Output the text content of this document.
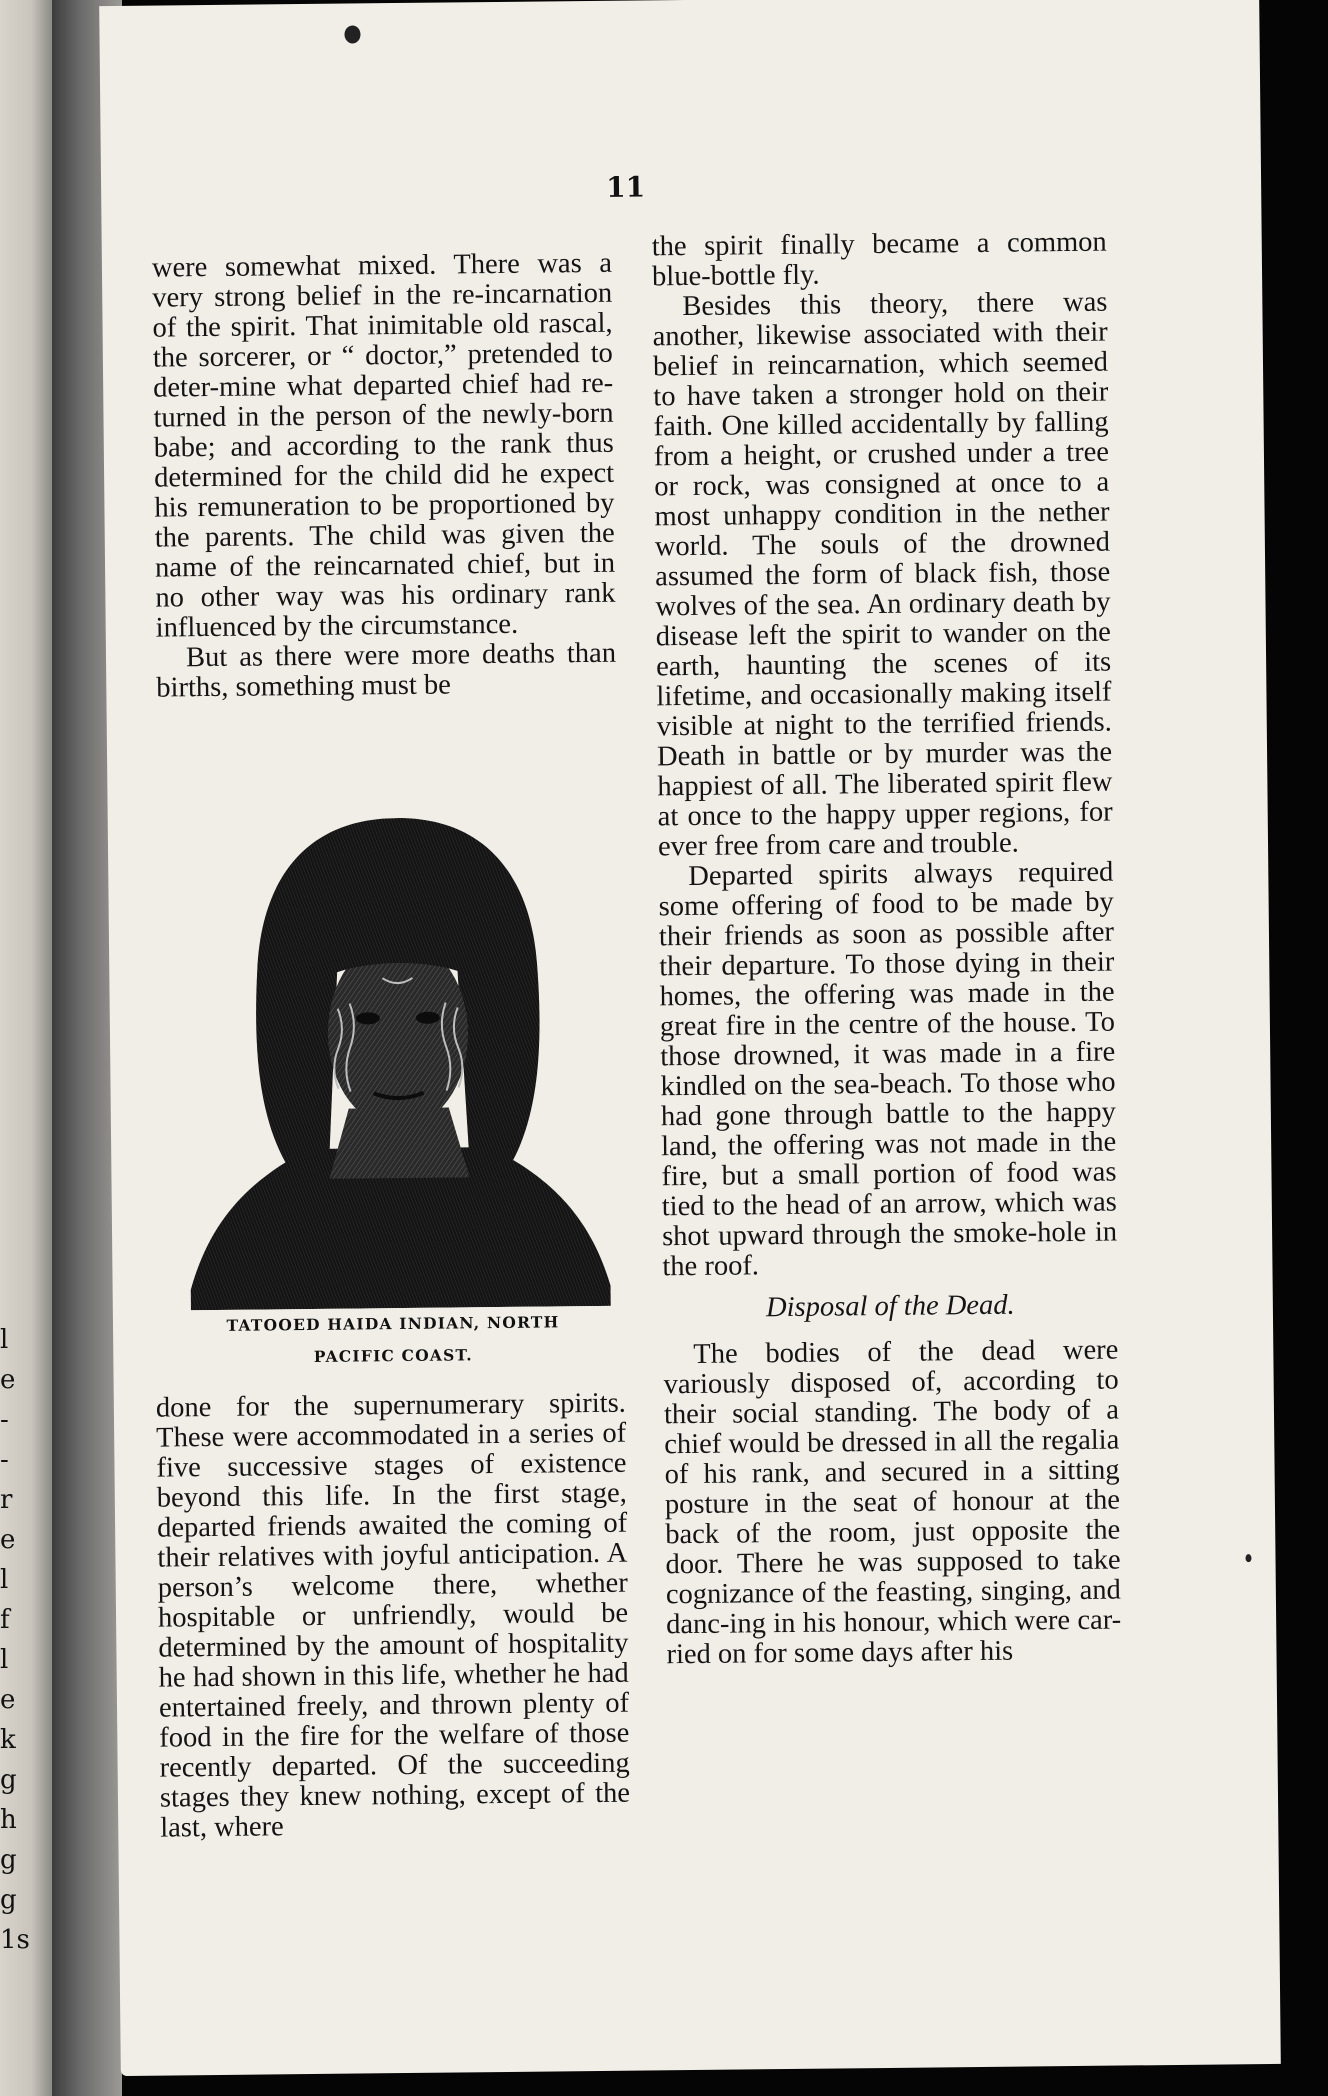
l
e
-
-
r
e
l
f
l
e
k
g
h
g
g
1s
11

were somewhat mixed. There was a very strong belief in the re-incarnation of the spirit. That inimitable old rascal, the sorcerer, or “ doctor,” pretended to deter-mine what departed chief had re-turned in the person of the newly-born babe; and according to the rank thus determined for the child did he expect his remuneration to be proportioned by the parents. The child was given the name of the reincarnated chief, but in no other way was his ordinary rank influenced by the circumstance.

But as there were more deaths than births, something must be

TATOOED HAIDA INDIAN, NORTH
PACIFIC COAST.

done for the supernumerary spirits. These were accommodated in a series of five successive stages of existence beyond this life. In the first stage, departed friends awaited the coming of their relatives with joyful anticipation. A person’s welcome there, whether hospitable or unfriendly, would be determined by the amount of hospitality he had shown in this life, whether he had entertained freely, and thrown plenty of food in the fire for the welfare of those recently departed. Of the succeeding stages they knew nothing, except of the last, where

the spirit finally became a common blue-bottle fly.

Besides this theory, there was another, likewise associated with their belief in reincarnation, which seemed to have taken a stronger hold on their faith. One killed accidentally by falling from a height, or crushed under a tree or rock, was consigned at once to a most unhappy condition in the nether world. The souls of the drowned assumed the form of black fish, those wolves of the sea. An ordinary death by disease left the spirit to wander on the earth, haunting the scenes of its lifetime, and occasionally making itself visible at night to the terrified friends. Death in battle or by murder was the happiest of all. The liberated spirit flew at once to the happy upper regions, for ever free from care and trouble.

Departed spirits always required some offering of food to be made by their friends as soon as possible after their departure. To those dying in their homes, the offering was made in the great fire in the centre of the house. To those drowned, it was made in a fire kindled on the sea-beach. To those who had gone through battle to the happy land, the offering was not made in the fire, but a small portion of food was tied to the head of an arrow, which was shot upward through the smoke-hole in the roof.

Disposal of the Dead.

The bodies of the dead were variously disposed of, according to their social standing. The body of a chief would be dressed in all the regalia of his rank, and secured in a sitting posture in the seat of honour at the back of the room, just opposite the door. There he was supposed to take cognizance of the feasting, singing, and danc-ing in his honour, which were car-ried on for some days after his
